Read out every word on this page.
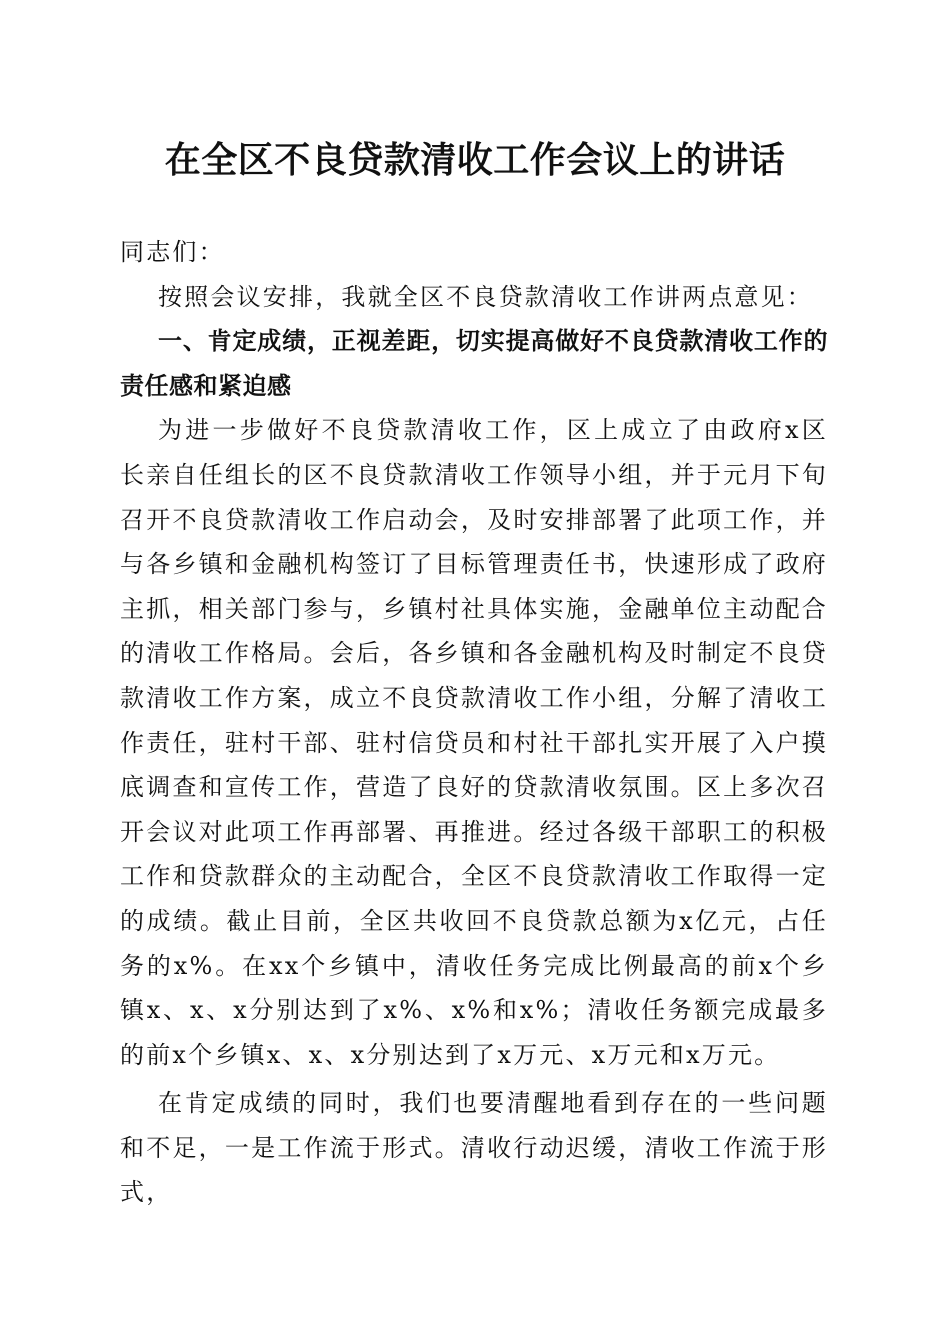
在全区不良贷款清收工作会议上的讲话

同志们：

按照会议安排，我就全区不良贷款清收工作讲两点意见：

一、肯定成绩，正视差距，切实提高做好不良贷款清收工作的责任感和紧迫感

为进一步做好不良贷款清收工作，区上成立了由政府x区长亲自任组长的区不良贷款清收工作领导小组，并于元月下旬召开不良贷款清收工作启动会，及时安排部署了此项工作，并与各乡镇和金融机构签订了目标管理责任书，快速形成了政府主抓，相关部门参与，乡镇村社具体实施，金融单位主动配合的清收工作格局。会后，各乡镇和各金融机构及时制定不良贷款清收工作方案，成立不良贷款清收工作小组，分解了清收工作责任，驻村干部、驻村信贷员和村社干部扎实开展了入户摸底调查和宣传工作，营造了良好的贷款清收氛围。区上多次召开会议对此项工作再部署、再推进。经过各级干部职工的积极工作和贷款群众的主动配合，全区不良贷款清收工作取得一定的成绩。截止目前，全区共收回不良贷款总额为x亿元，占任务的x%。在xx个乡镇中，清收任务完成比例最高的前x个乡镇x、x、x分别达到了x%、x%和x%；清收任务额完成最多的前x个乡镇x、x、x分别达到了x万元、x万元和x万元。

在肯定成绩的同时，我们也要清醒地看到存在的一些问题和不足，一是工作流于形式。清收行动迟缓，清收工作流于形式，
